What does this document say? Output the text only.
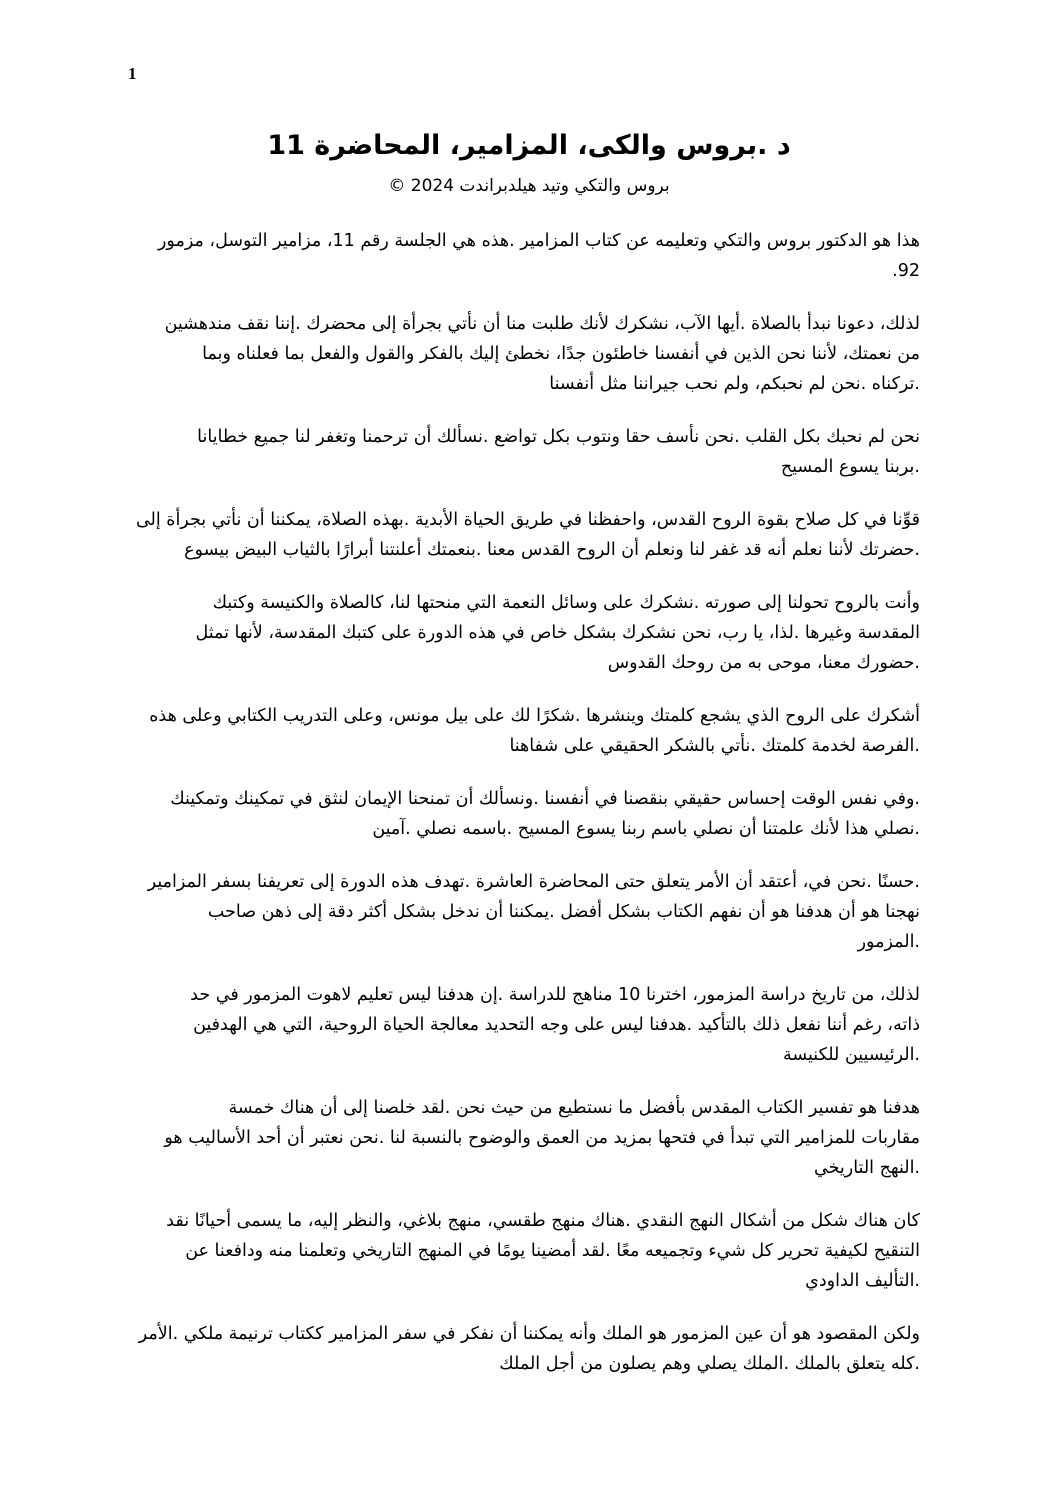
1
د .بروس والكى، المزامير، المحاضرة 11
بروس والتكي وتيد هيلدبراندت 2024 ©
هذا هو الدكتور بروس والتكي وتعليمه عن كتاب المزامير .هذه هي الجلسة رقم 11، مزامير التوسل، مزمور
92.
لذلك، دعونا نبدأ بالصلاة .أيها الآب، نشكرك لأنك طلبت منا أن نأتي بجرأة إلى محضرك .إننا نقف مندهشين
من نعمتك، لأننا نحن الذين في أنفسنا خاطئون جدًا، نخطئ إليك بالفكر والقول والفعل بما فعلناه وبما
.تركناه .نحن لم نحبكم، ولم نحب جيراننا مثل أنفسنا
نحن لم نحبك بكل القلب .نحن نأسف حقا ونتوب بكل تواضع .نسألك أن ترحمنا وتغفر لنا جميع خطايانا
.بربنا يسوع المسيح
قوِّنا في كل صلاح بقوة الروح القدس، واحفظنا في طريق الحياة الأبدية .بهذه الصلاة، يمكننا أن نأتي بجرأة إلى
.حضرتك لأننا نعلم أنه قد غفر لنا ونعلم أن الروح القدس معنا .بنعمتك أعلنتنا أبرارًا بالثياب البيض بيسوع
وأنت بالروح تحولنا إلى صورته .نشكرك على وسائل النعمة التي منحتها لنا، كالصلاة والكنيسة وكتبك
المقدسة وغيرها .لذا، يا رب، نحن نشكرك بشكل خاص في هذه الدورة على كتبك المقدسة، لأنها تمثل
.حضورك معنا، موحى به من روحك القدوس
أشكرك على الروح الذي يشجع كلمتك وينشرها .شكرًا لك على بيل مونس، وعلى التدريب الكتابي وعلى هذه
.الفرصة لخدمة كلمتك .نأتي بالشكر الحقيقي على شفاهنا
.وفي نفس الوقت إحساس حقيقي بنقصنا في أنفسنا .ونسألك أن تمنحنا الإيمان لنثق في تمكينك وتمكينك
.نصلي هذا لأنك علمتنا أن نصلي باسم ربنا يسوع المسيح .باسمه نصلي .آمين
.حسنًا .نحن في، أعتقد أن الأمر يتعلق حتى المحاضرة العاشرة .تهدف هذه الدورة إلى تعريفنا بسفر المزامير
نهجنا هو أن هدفنا هو أن نفهم الكتاب بشكل أفضل .يمكننا أن ندخل بشكل أكثر دقة إلى ذهن صاحب
.المزمور
لذلك، من تاريخ دراسة المزمور، اخترنا 10 مناهج للدراسة .إن هدفنا ليس تعليم لاهوت المزمور في حد
ذاته، رغم أننا نفعل ذلك بالتأكيد .هدفنا ليس على وجه التحديد معالجة الحياة الروحية، التي هي الهدفين
.الرئيسيين للكنيسة
هدفنا هو تفسير الكتاب المقدس بأفضل ما نستطيع من حيث نحن .لقد خلصنا إلى أن هناك خمسة
مقاربات للمزامير التي تبدأ في فتحها بمزيد من العمق والوضوح بالنسبة لنا .نحن نعتبر أن أحد الأساليب هو
.النهج التاريخي
كان هناك شكل من أشكال النهج النقدي .هناك منهج طقسي، منهج بلاغي، والنظر إليه، ما يسمى أحيانًا نقد
التنقيح لكيفية تحرير كل شيء وتجميعه معًا .لقد أمضينا يومًا في المنهج التاريخي وتعلمنا منه ودافعنا عن
.التأليف الداودي
ولكن المقصود هو أن عين المزمور هو الملك وأنه يمكننا أن نفكر في سفر المزامير ككتاب ترنيمة ملكي .الأمر
.كله يتعلق بالملك .الملك يصلي وهم يصلون من أجل الملك
